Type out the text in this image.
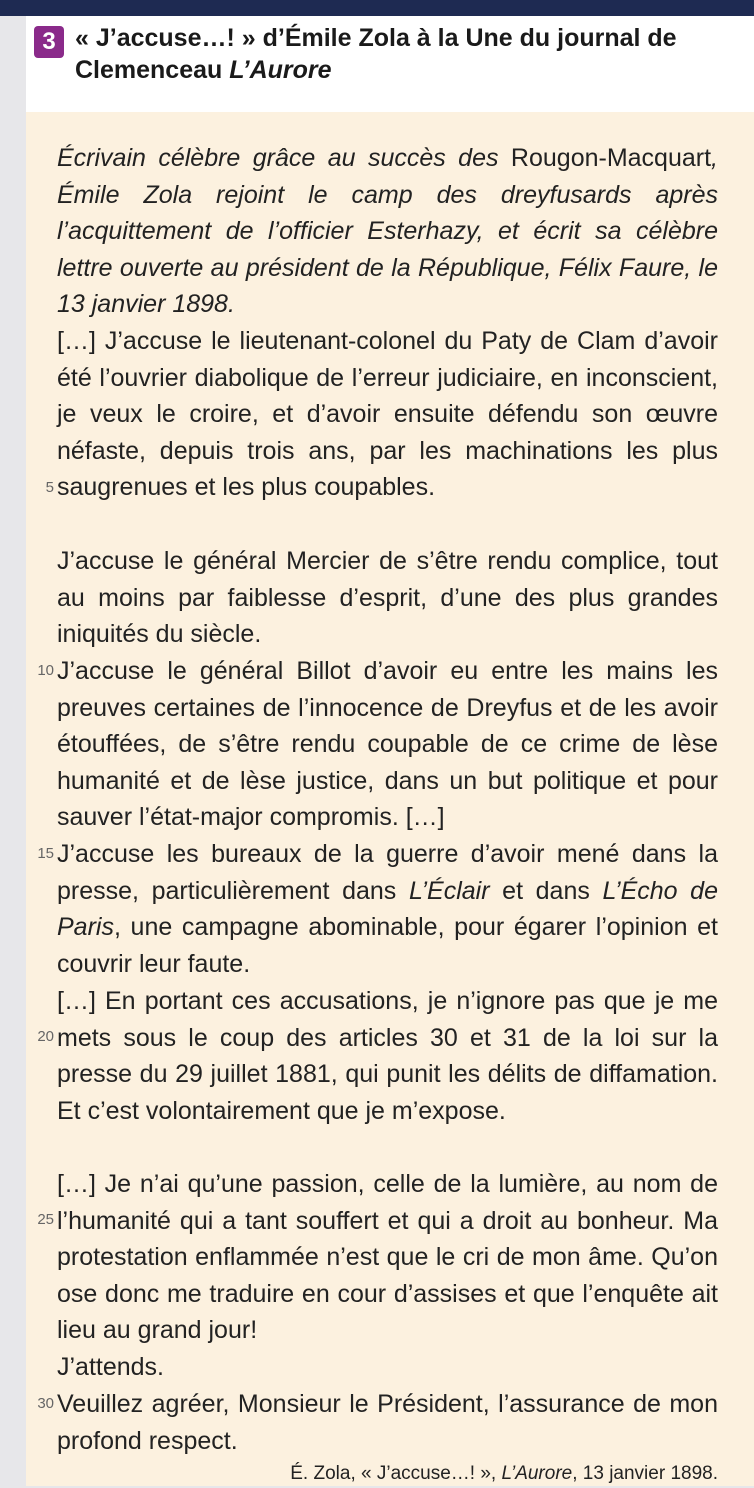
3 « J’accuse…! » d’Émile Zola à la Une du journal de Clemenceau L’Aurore
Écrivain célèbre grâce au succès des Rougon-Macquart, Émile Zola rejoint le camp des dreyfusards après l’acquittement de l’officier Esterhazy, et écrit sa célèbre lettre ouverte au président de la République, Félix Faure, le 13 janvier 1898.
[…] J’accuse le lieutenant-colonel du Paty de Clam d’avoir été l’ouvrier diabolique de l’erreur judiciaire, en inconscient, je veux le croire, et d’avoir ensuite défendu son œuvre néfaste, depuis trois ans, par les machinations les plus saugrenues et les plus coupables.
J’accuse le général Mercier de s’être rendu complice, tout au moins par faiblesse d’esprit, d’une des plus grandes iniquités du siècle.
J’accuse le général Billot d’avoir eu entre les mains les preuves certaines de l’innocence de Dreyfus et de les avoir étouffées, de s’être rendu coupable de ce crime de lèse humanité et de lèse justice, dans un but politique et pour sauver l’état-major compromis. […]
J’accuse les bureaux de la guerre d’avoir mené dans la presse, particulièrement dans L’Éclair et dans L’Écho de Paris, une campagne abominable, pour égarer l’opinion et couvrir leur faute.
[…] En portant ces accusations, je n’ignore pas que je me mets sous le coup des articles 30 et 31 de la loi sur la presse du 29 juillet 1881, qui punit les délits de diffamation. Et c’est volontairement que je m’expose.
[…] Je n’ai qu’une passion, celle de la lumière, au nom de l’humanité qui a tant souffert et qui a droit au bonheur. Ma protestation enflammée n’est que le cri de mon âme. Qu’on ose donc me traduire en cour d’assises et que l’enquête ait lieu au grand jour!
J’attends.
Veuillez agréer, Monsieur le Président, l’assurance de mon profond respect.
5
10
15
20
25
30
É. Zola, « J’accuse…! », L’Aurore, 13 janvier 1898.
